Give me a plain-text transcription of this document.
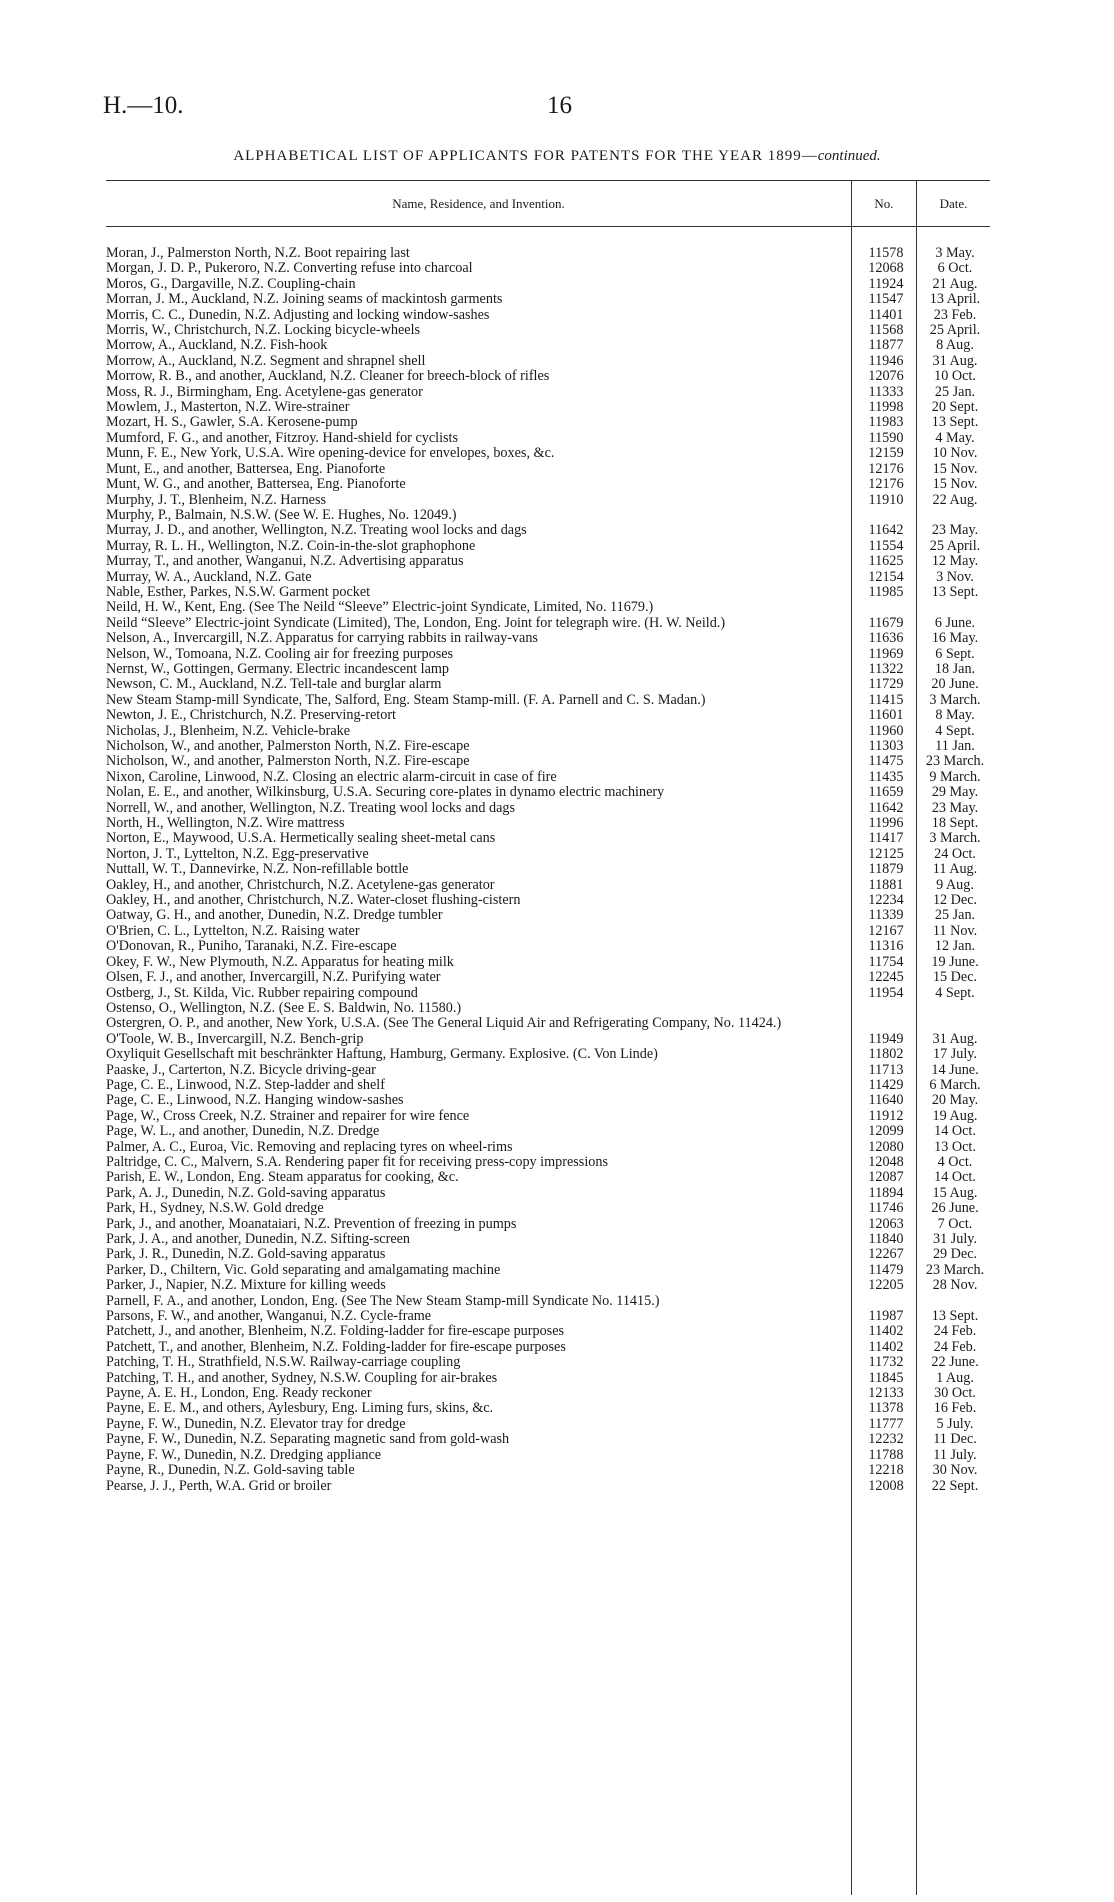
H.—10.	16
ALPHABETICAL LIST OF APPLICANTS FOR PATENTS FOR THE YEAR 1899—continued.
Name, Residence, and Invention.	No.	Date.
Moran, J., Palmerston North, N.Z. Boot repairing last	11578	3 May.
Morgan, J. D. P., Pukeroro, N.Z. Converting refuse into charcoal	12068	6 Oct.
Moros, G., Dargaville, N.Z. Coupling-chain	11924	21 Aug.
Morran, J. M., Auckland, N.Z. Joining seams of mackintosh garments	11547	13 April.
Morris, C. C., Dunedin, N.Z. Adjusting and locking window-sashes	11401	23 Feb.
Morris, W., Christchurch, N.Z. Locking bicycle-wheels	11568	25 April.
Morrow, A., Auckland, N.Z. Fish-hook	11877	8 Aug.
Morrow, A., Auckland, N.Z. Segment and shrapnel shell	11946	31 Aug.
Morrow, R. B., and another, Auckland, N.Z. Cleaner for breech-block of rifles	12076	10 Oct.
Moss, R. J., Birmingham, Eng. Acetylene-gas generator	11333	25 Jan.
Mowlem, J., Masterton, N.Z. Wire-strainer	11998	20 Sept.
Mozart, H. S., Gawler, S.A. Kerosene-pump	11983	13 Sept.
Mumford, F. G., and another, Fitzroy. Hand-shield for cyclists	11590	4 May.
Munn, F. E., New York, U.S.A. Wire opening-device for envelopes, boxes, &c.	12159	10 Nov.
Munt, E., and another, Battersea, Eng. Pianoforte	12176	15 Nov.
Munt, W. G., and another, Battersea, Eng. Pianoforte	12176	15 Nov.
Murphy, J. T., Blenheim, N.Z. Harness	11910	22 Aug.
Murphy, P., Balmain, N.S.W. (See W. E. Hughes, No. 12049.)
Murray, J. D., and another, Wellington, N.Z. Treating wool locks and dags	11642	23 May.
Murray, R. L. H., Wellington, N.Z. Coin-in-the-slot graphophone	11554	25 April.
Murray, T., and another, Wanganui, N.Z. Advertising apparatus	11625	12 May.
Murray, W. A., Auckland, N.Z. Gate	12154	3 Nov.
Nable, Esther, Parkes, N.S.W. Garment pocket	11985	13 Sept.
Neild, H. W., Kent, Eng. (See The Neild “Sleeve” Electric-joint Syndicate, Limited, No. 11679.)
Neild “Sleeve” Electric-joint Syndicate (Limited), The, London, Eng. Joint for telegraph wire. (H. W. Neild.)	11679	6 June.
Nelson, A., Invercargill, N.Z. Apparatus for carrying rabbits in railway-vans	11636	16 May.
Nelson, W., Tomoana, N.Z. Cooling air for freezing purposes	11969	6 Sept.
Nernst, W., Gottingen, Germany. Electric incandescent lamp	11322	18 Jan.
Newson, C. M., Auckland, N.Z. Tell-tale and burglar alarm	11729	20 June.
New Steam Stamp-mill Syndicate, The, Salford, Eng. Steam Stamp-mill. (F. A. Parnell and C. S. Madan.)	11415	3 March.
Newton, J. E., Christchurch, N.Z. Preserving-retort	11601	8 May.
Nicholas, J., Blenheim, N.Z. Vehicle-brake	11960	4 Sept.
Nicholson, W., and another, Palmerston North, N.Z. Fire-escape	11303	11 Jan.
Nicholson, W., and another, Palmerston North, N.Z. Fire-escape	11475	23 March.
Nixon, Caroline, Linwood, N.Z. Closing an electric alarm-circuit in case of fire	11435	9 March.
Nolan, E. E., and another, Wilkinsburg, U.S.A. Securing core-plates in dynamo electric machinery	11659	29 May.
Norrell, W., and another, Wellington, N.Z. Treating wool locks and dags	11642	23 May.
North, H., Wellington, N.Z. Wire mattress	11996	18 Sept.
Norton, E., Maywood, U.S.A. Hermetically sealing sheet-metal cans	11417	3 March.
Norton, J. T., Lyttelton, N.Z. Egg-preservative	12125	24 Oct.
Nuttall, W. T., Dannevirke, N.Z. Non-refillable bottle	11879	11 Aug.
Oakley, H., and another, Christchurch, N.Z. Acetylene-gas generator	11881	9 Aug.
Oakley, H., and another, Christchurch, N.Z. Water-closet flushing-cistern	12234	12 Dec.
Oatway, G. H., and another, Dunedin, N.Z. Dredge tumbler	11339	25 Jan.
O'Brien, C. L., Lyttelton, N.Z. Raising water	12167	11 Nov.
O'Donovan, R., Puniho, Taranaki, N.Z. Fire-escape	11316	12 Jan.
Okey, F. W., New Plymouth, N.Z. Apparatus for heating milk	11754	19 June.
Olsen, F. J., and another, Invercargill, N.Z. Purifying water	12245	15 Dec.
Ostberg, J., St. Kilda, Vic. Rubber repairing compound	11954	4 Sept.
Ostenso, O., Wellington, N.Z. (See E. S. Baldwin, No. 11580.)
Ostergren, O. P., and another, New York, U.S.A. (See The General Liquid Air and Refrigerating Company, No. 11424.)
O'Toole, W. B., Invercargill, N.Z. Bench-grip	11949	31 Aug.
Oxyliquit Gesellschaft mit beschränkter Haftung, Hamburg, Germany. Explosive. (C. Von Linde)	11802	17 July.
Paaske, J., Carterton, N.Z. Bicycle driving-gear	11713	14 June.
Page, C. E., Linwood, N.Z. Step-ladder and shelf	11429	6 March.
Page, C. E., Linwood, N.Z. Hanging window-sashes	11640	20 May.
Page, W., Cross Creek, N.Z. Strainer and repairer for wire fence	11912	19 Aug.
Page, W. L., and another, Dunedin, N.Z. Dredge	12099	14 Oct.
Palmer, A. C., Euroa, Vic. Removing and replacing tyres on wheel-rims	12080	13 Oct.
Paltridge, C. C., Malvern, S.A. Rendering paper fit for receiving press-copy impressions	12048	4 Oct.
Parish, E. W., London, Eng. Steam apparatus for cooking, &c.	12087	14 Oct.
Park, A. J., Dunedin, N.Z. Gold-saving apparatus	11894	15 Aug.
Park, H., Sydney, N.S.W. Gold dredge	11746	26 June.
Park, J., and another, Moanataiari, N.Z. Prevention of freezing in pumps	12063	7 Oct.
Park, J. A., and another, Dunedin, N.Z. Sifting-screen	11840	31 July.
Park, J. R., Dunedin, N.Z. Gold-saving apparatus	12267	29 Dec.
Parker, D., Chiltern, Vic. Gold separating and amalgamating machine	11479	23 March.
Parker, J., Napier, N.Z. Mixture for killing weeds	12205	28 Nov.
Parnell, F. A., and another, London, Eng. (See The New Steam Stamp-mill Syndicate No. 11415.)
Parsons, F. W., and another, Wanganui, N.Z. Cycle-frame	11987	13 Sept.
Patchett, J., and another, Blenheim, N.Z. Folding-ladder for fire-escape purposes	11402	24 Feb.
Patchett, T., and another, Blenheim, N.Z. Folding-ladder for fire-escape purposes	11402	24 Feb.
Patching, T. H., Strathfield, N.S.W. Railway-carriage coupling	11732	22 June.
Patching, T. H., and another, Sydney, N.S.W. Coupling for air-brakes	11845	1 Aug.
Payne, A. E. H., London, Eng. Ready reckoner	12133	30 Oct.
Payne, E. E. M., and others, Aylesbury, Eng. Liming furs, skins, &c.	11378	16 Feb.
Payne, F. W., Dunedin, N.Z. Elevator tray for dredge	11777	5 July.
Payne, F. W., Dunedin, N.Z. Separating magnetic sand from gold-wash	12232	11 Dec.
Payne, F. W., Dunedin, N.Z. Dredging appliance	11788	11 July.
Payne, R., Dunedin, N.Z. Gold-saving table	12218	30 Nov.
Pearse, J. J., Perth, W.A. Grid or broiler	12008	22 Sept.
